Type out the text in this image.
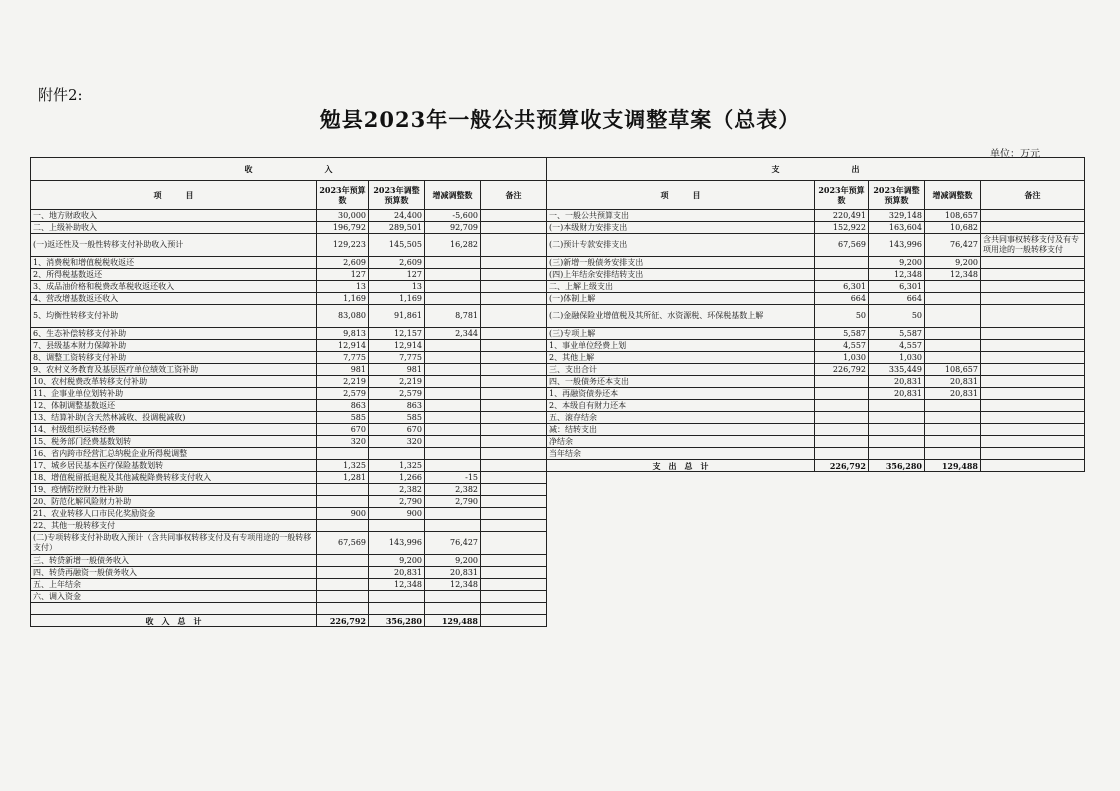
附件2:
勉县2023年一般公共预算收支调整草案（总表）
单位：万元
收　　　　　　　　　入				
项　　　目	2023年预算数	2023年调整预算数	增减调整数	备注
一、地方财政收入	30,000	24,400	-5,600	
二、上级补助收入	196,792	289,501	92,709	
(一)返还性及一般性转移支付补助收入预计	129,223	145,505	16,282	
1、消费税和增值税税收返还	2,609	2,609		
2、所得税基数返还	127	127		
3、成品油价格和税费改革税收返还收入	13	13		
4、营改增基数返还收入	1,169	1,169		
5、均衡性转移支付补助	83,080	91,861	8,781	
6、生态补偿转移支付补助	9,813	12,157	2,344	
7、县级基本财力保障补助	12,914	12,914		
8、调整工资转移支付补助	7,775	7,775		
9、农村义务教育及基层医疗单位绩效工资补助	981	981		
10、农村税费改革转移支付补助	2,219	2,219		
11、企事业单位划转补助	2,579	2,579		
12、体制调整基数返还	863	863		
13、结算补助(含天然林减收、投调税减收)	585	585		
14、村级组织运转经费	670	670		
15、税务部门经费基数划转	320	320		
16、省内跨市经营汇总纳税企业所得税调整				
17、城乡居民基本医疗保险基数划转	1,325	1,325		
18、增值税留抵退税及其他减税降费转移支付收入	1,281	1,266	-15	
19、疫情防控财力性补助		2,382	2,382	
20、防范化解风险财力补助		2,790	2,790	
21、农业转移人口市民化奖励资金	900	900		
22、其他一般转移支付				
(二)专项转移支付补助收入预计（含共同事权转移支付及有专项用途的一般转移支付）	67,569	143,996	76,427	
三、转贷新增一般债务收入		9,200	9,200	
四、转贷再融资一般债务收入		20,831	20,831	
五、上年结余		12,348	12,348	
六、调入资金				

收　入　总　计	226,792	356,280	129,488	
支　　　　　　　　　出				
项　　　目	2023年预算数	2023年调整预算数	增减调整数	备注
一、一般公共预算支出	220,491	329,148	108,657	
(一)本级财力安排支出	152,922	163,604	10,682	
(二)预计专款安排支出	67,569	143,996	76,427	含共同事权转移支付及有专项用途的一般转移支付
(三)新增一般债务安排支出		9,200	9,200	
(四)上年结余安排结转支出		12,348	12,348	
二、上解上级支出	6,301	6,301		
(一)体制上解	664	664		
(二)金融保险业增值税及其所征、水资源税、环保税基数上解	50	50		
(三)专项上解	5,587	5,587		
1、事业单位经费上划	4,557	4,557		
2、其他上解	1,030	1,030		
三、支出合计	226,792	335,449	108,657	
四、一般债务还本支出		20,831	20,831	
1、再融资债券还本		20,831	20,831	
2、本级自有财力还本				
五、滚存结余				
减：结转支出				
净结余				
当年结余				
支　出　总　计	226,792	356,280	129,488	
